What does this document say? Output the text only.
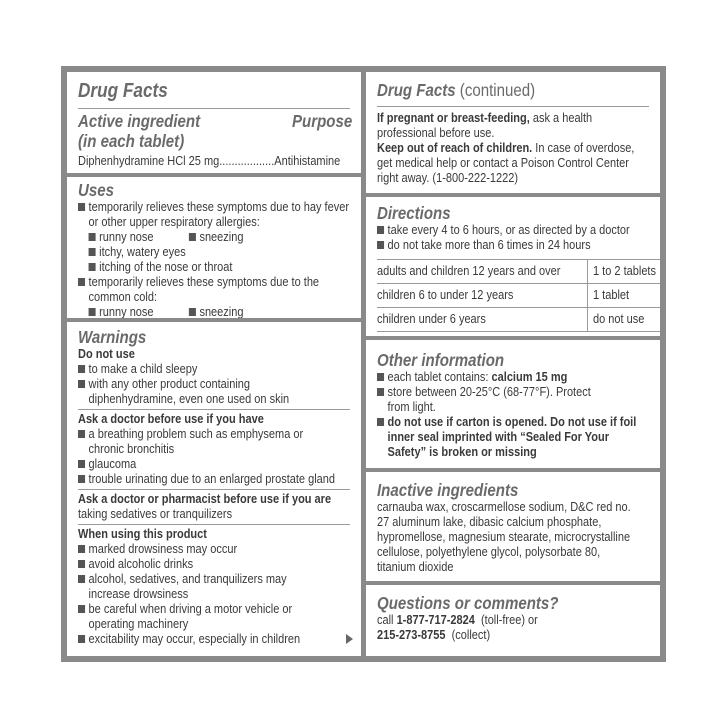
Drug Facts
Active ingredient
(in each tablet)
Purpose
Diphenhydramine HCl 25 mg..................Antihistamine
Uses
temporarily relieves these symptoms due to hay fever
or other upper respiratory allergies:
runny nose	sneezing
itchy, watery eyes
itching of the nose or throat
temporarily relieves these symptoms due to the
common cold:
runny nose	sneezing
Warnings
Do not use
to make a child sleepy
with any other product containing
diphenhydramine, even one used on skin
Ask a doctor before use if you have
a breathing problem such as emphysema or
chronic bronchitis
glaucoma
trouble urinating due to an enlarged prostate gland
Ask a doctor or pharmacist before use if you are
taking sedatives or tranquilizers
When using this product
marked drowsiness may occur
avoid alcoholic drinks
alcohol, sedatives, and tranquilizers may
increase drowsiness
be careful when driving a motor vehicle or
operating machinery
excitability may occur, especially in children
Drug Facts (continued)
If pregnant or breast-feeding, ask a health
professional before use.
Keep out of reach of children. In case of overdose,
get medical help or contact a Poison Control Center
right away. (1-800-222-1222)
Directions
take every 4 to 6 hours, or as directed by a doctor
do not take more than 6 times in 24 hours
adults and children 12 years and over	1 to 2 tablets
children 6 to under 12 years	1 tablet
children under 6 years	do not use
Other information
each tablet contains: calcium 15 mg
store between 20-25°C (68-77°F). Protect
from light.
do not use if carton is opened. Do not use if foil
inner seal imprinted with “Sealed For Your
Safety” is broken or missing
Inactive ingredients
carnauba wax, croscarmellose sodium, D&C red no.
27 aluminum lake, dibasic calcium phosphate,
hypromellose, magnesium stearate, microcrystalline
cellulose, polyethylene glycol, polysorbate 80,
titanium dioxide
Questions or comments?
call 1-877-717-2824  (toll-free) or
215-273-8755  (collect)
